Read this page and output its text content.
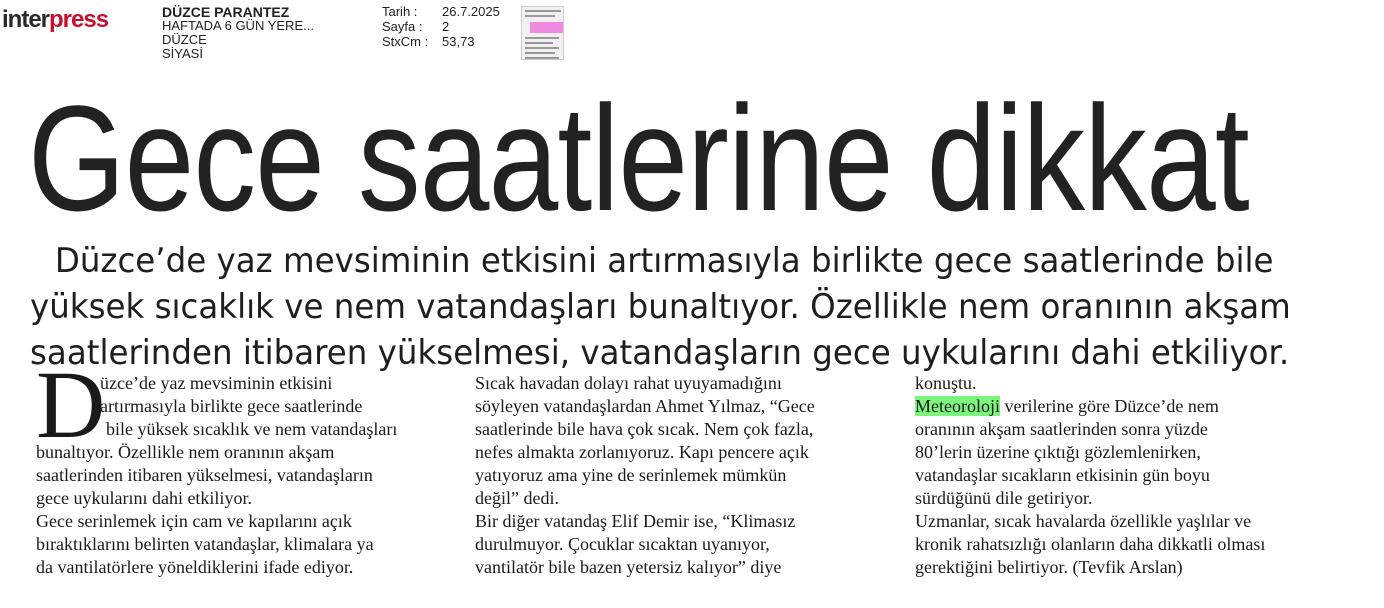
interpress	DÜZCE PARANTEZ
HAFTADA 6 GÜN YERE...
DÜZCE
SİYASİ
Tarih :	26.7.2025
Sayfa :	2
StxCm :	53,73
Gece saatlerine dikkat
Düzce’de yaz mevsiminin etkisini artırmasıyla birlikte gece saatlerinde bile
yüksek sıcaklık ve nem vatandaşları bunaltıyor. Özellikle nem oranının akşam
saatlerinden itibaren yükselmesi, vatandaşların gece uykularını dahi etkiliyor.
D
üzce’de yaz mevsiminin etkisini
artırmasıyla birlikte gece saatlerinde
bile yüksek sıcaklık ve nem vatandaşları
bunaltıyor. Özellikle nem oranının akşam
saatlerinden itibaren yükselmesi, vatandaşların
gece uykularını dahi etkiliyor.
Gece serinlemek için cam ve kapılarını açık
bıraktıklarını belirten vatandaşlar, klimalara ya
da vantilatörlere yöneldiklerini ifade ediyor.
Sıcak havadan dolayı rahat uyuyamadığını
söyleyen vatandaşlardan Ahmet Yılmaz, “Gece
saatlerinde bile hava çok sıcak. Nem çok fazla,
nefes almakta zorlanıyoruz. Kapı pencere açık
yatıyoruz ama yine de serinlemek mümkün
değil” dedi.
Bir diğer vatandaş Elif Demir ise, “Klimasız
durulmuyor. Çocuklar sıcaktan uyanıyor,
vantilatör bile bazen yetersiz kalıyor” diye
konuştu.
Meteoroloji verilerine göre Düzce’de nem
oranının akşam saatlerinden sonra yüzde
80’lerin üzerine çıktığı gözlemlenirken,
vatandaşlar sıcakların etkisinin gün boyu
sürdüğünü dile getiriyor.
Uzmanlar, sıcak havalarda özellikle yaşlılar ve
kronik rahatsızlığı olanların daha dikkatli olması
gerektiğini belirtiyor. (Tevfik Arslan)
